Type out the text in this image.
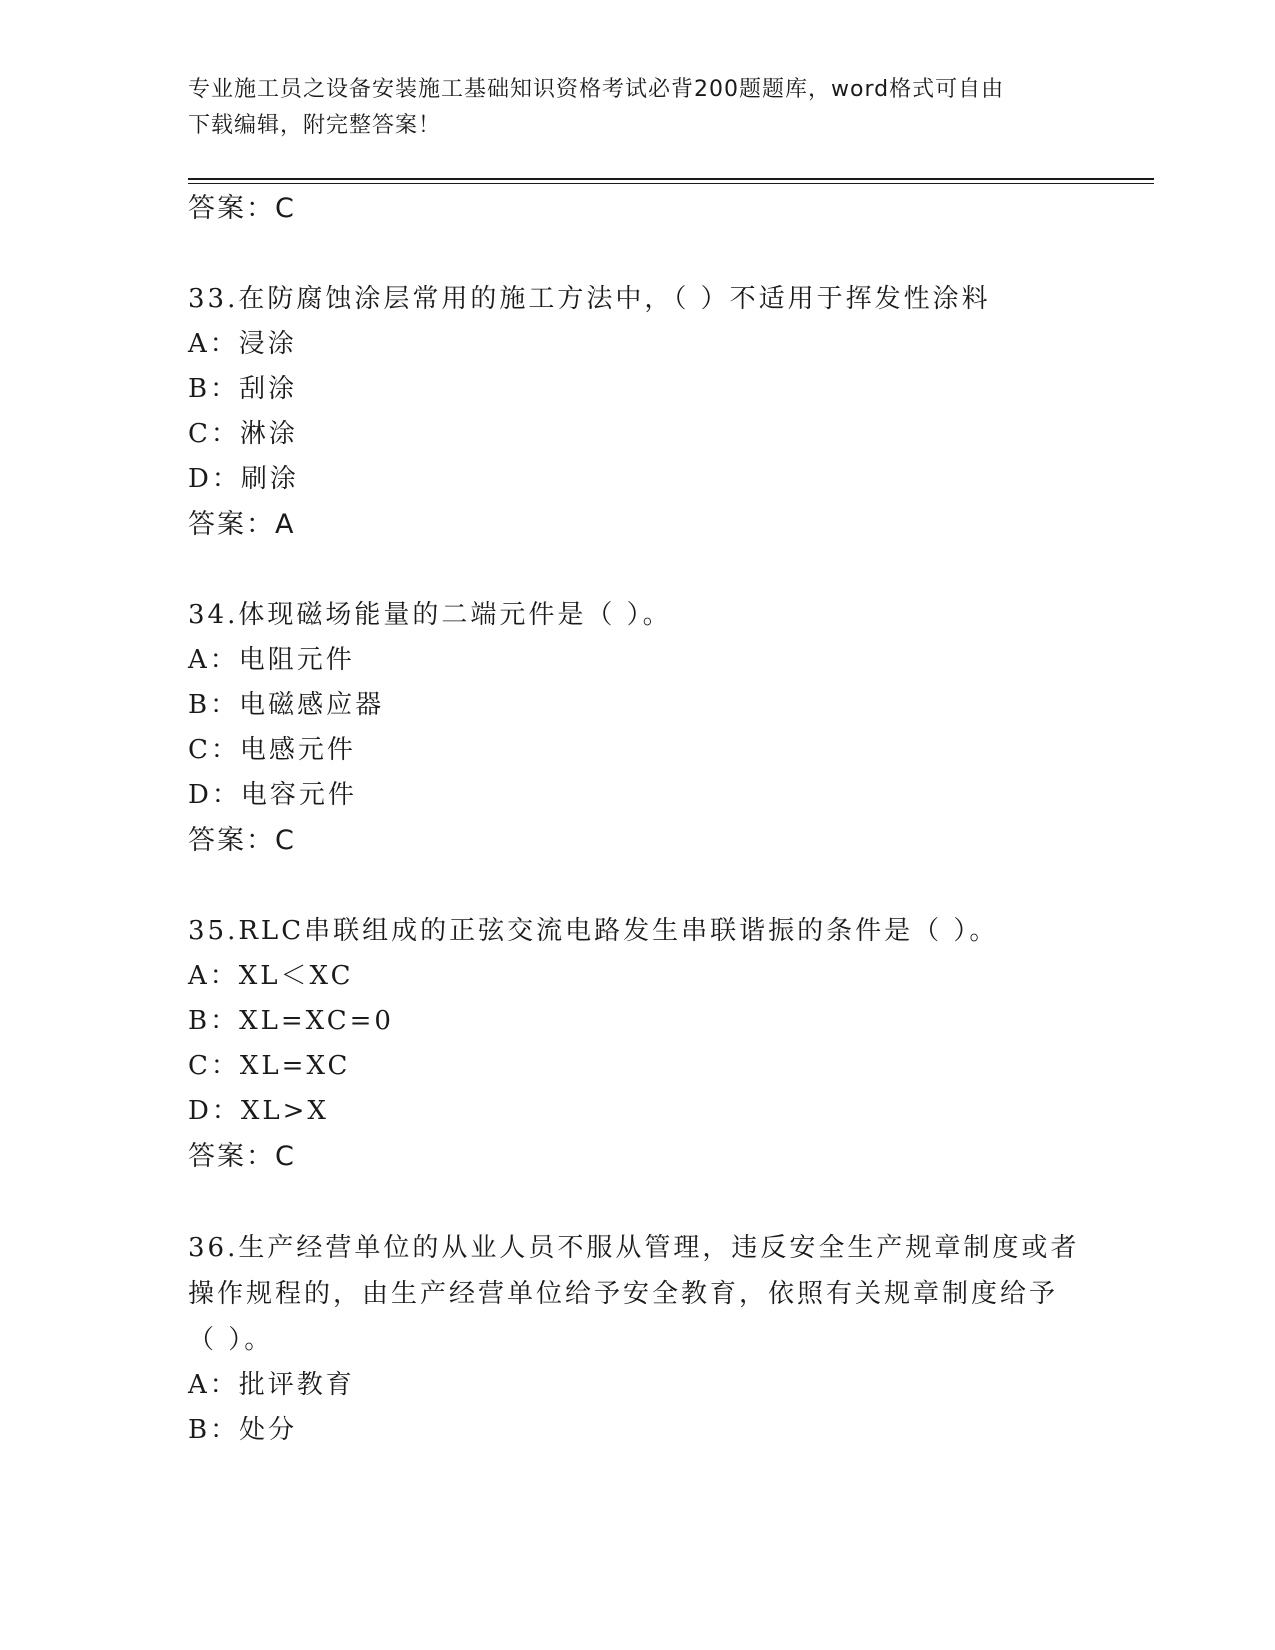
专业施工员之设备安装施工基础知识资格考试必背200题题库，word格式可自由
下载编辑，附完整答案！
答案：C
33.在防腐蚀涂层常用的施工方法中，（ ）不适用于挥发性涂料
A：浸涂
B：刮涂
C：淋涂
D：刷涂
答案：A
34.体现磁场能量的二端元件是（ ）。
A：电阻元件
B：电磁感应器
C：电感元件
D：电容元件
答案：C
35.RLC串联组成的正弦交流电路发生串联谐振的条件是（ ）。
A：XL＜XC
B：XL=XC=0
C：XL=XC
D：XL>X
答案：C
36.生产经营单位的从业人员不服从管理，违反安全生产规章制度或者
操作规程的，由生产经营单位给予安全教育，依照有关规章制度给予
（ ）。
A：批评教育
B：处分
